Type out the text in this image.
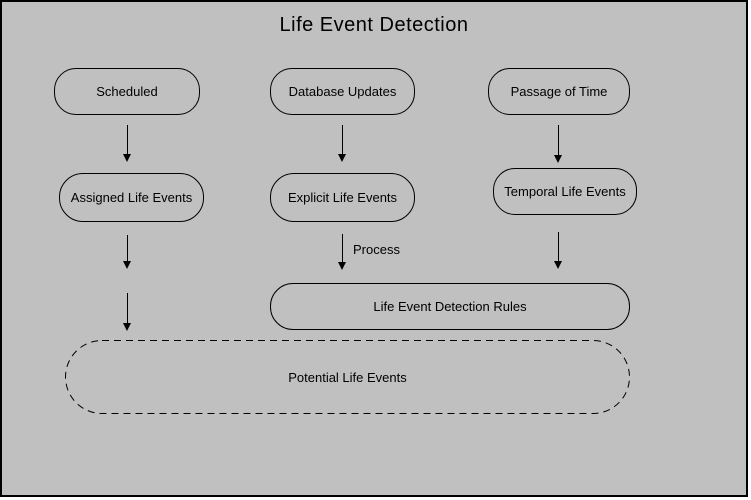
Life Event Detection
Scheduled	Database Updates	Passage of Time
Assigned Life Events	Explicit Life Events	Temporal Life Events
Process
Life Event Detection Rules
Potential Life Events
